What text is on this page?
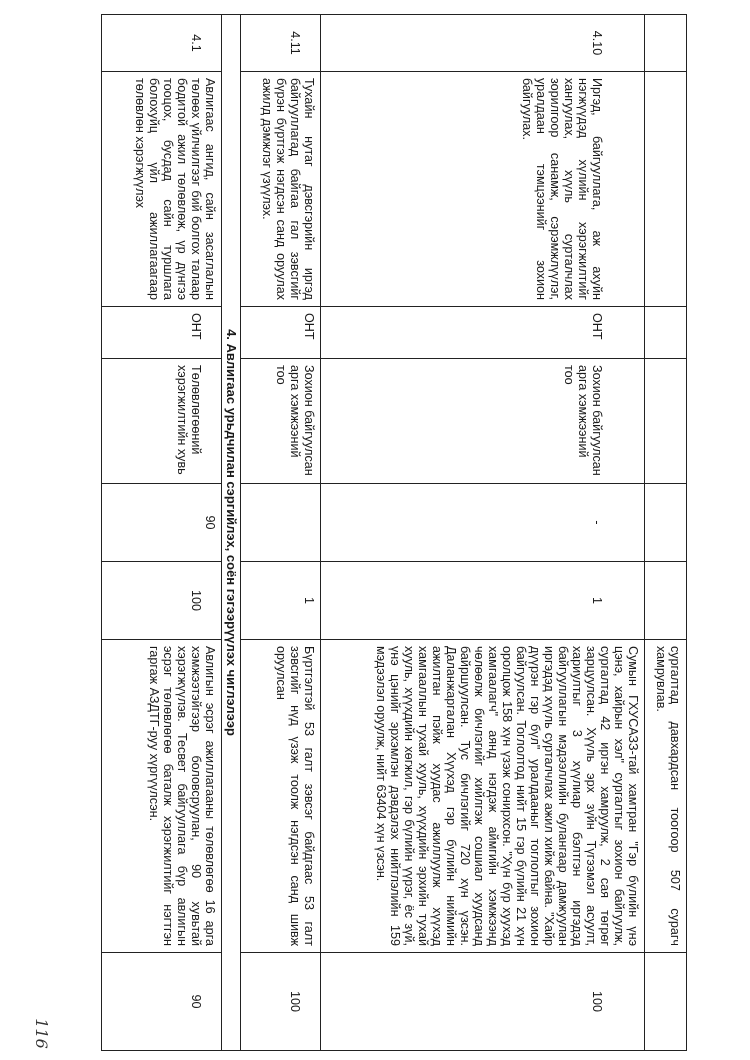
						сургалтад давхардсан тоогоор 507 сурагч хамрувлав.	
4.10	Иргэд, байгууллага, аж ахуйн нэгжүүдэд хүлийн хэрэгжилтийг хангуулах, хүүль сурталчлах зорилгоор санамж, сэрэмжлүүлэг, уралдаан тэмцээнийг зохион байгуулах.	ОНТ	Зохион байгуулсан арга хэмжээний тоо	-	1	Сумын ГХУСАЗЗ-тай хамтран "Гэр бүлийн үнэ цэнэ, хайрын хэл" сургалтыг зохион байгуулж, сургалтад 42 иргэн хамруулж, 2 сая төгрөг зарцуулсан. Хүүль эрх зүйн Түгээмэл асуулт, хариултыг 3 хүүлиар бэлтгэн иргэдэд байгууллагын мэдээллийн булангаар дамжуулан иргэдэд хүүль сурталчлах ажил хийж байна. "Хайр дүүрэн гэр бүл" уралдааныг тоглолтыг зохион байгуулсан. Тоглолтод нийт 15 гэр бүлийн 21 хүн оролцож 158 хүн үзэж сонирхсон. "Хүн бүр хуухэд хамгаалагч" аянд нэгдэж аймгийн хэмжээнд чөлөөлж бичлэгийг хийлгэж сошиал хуудсанд байршуулсан. Тус бичлэгийг 720 хүн үзсэн. Даланжаргалан Хүүхэд гэр бүлийн ниймийн ажилтан пэйж хуудас ажиллуулж хүүхэд хамгааллын тухай хууль, хүүхдийн эрхийн тухай хууль, хүүхдийн хөгжил, гэр бүлийн үүрэг, ёс зүй, үнэ цэнийг эрхэмлэн дэвдэлэх нийтлэлийн 159 мэдээлэл оруулж, нийт 63404 хүн үзсэн.	100
4.11	Тухайн нутаг дэвсгэрийн иргэд байгууллагад байгаа гал зэвсгийг бүрэн бүртгэж нэгдсэн санд оруулах ажилд дэмжлэг үзүүлэх.	ОНТ	Зохион байгуулсан арга хэмжээний тоо		1	Бүртгэлтэй 53 галт зэвсэг байдгаас 53 галт зэвсгийг нүд үзэж тоолж нэгдсэн санд шивж оруулсан	100
4. Авлигаас урьдчилан сэргийлэх, соён гэгээрүүлэх чиглэлээр							
4.1	Авлигаас ангид, сайн засаглалын төлөөх үйлчилгээг бий болгох талаар бодитой ажил төлөвлөж, үр дүнгээ тооцох, бусдад сайн туршлага болохуйц үйл ажиллагаагаар төлөвлөн хэрэгжүүлэх	ОНТ	Төлөвлөгөөний хэрэгжилтийн хувь	90	100	Авлигын эсрэг ажиллагааны төлөвлөгөө 16 арга хэмжээтэйгээр боловсруулан, 90 хувьтай хэрэгжүүлэв. Тесвет байгууллага бүр авлигын эсрэг төлөвлөгөө баталж хэрэгжилтийг нэгтгэн гаргаж АЗДТГ-руу хүргүүлсэн.	90
116
